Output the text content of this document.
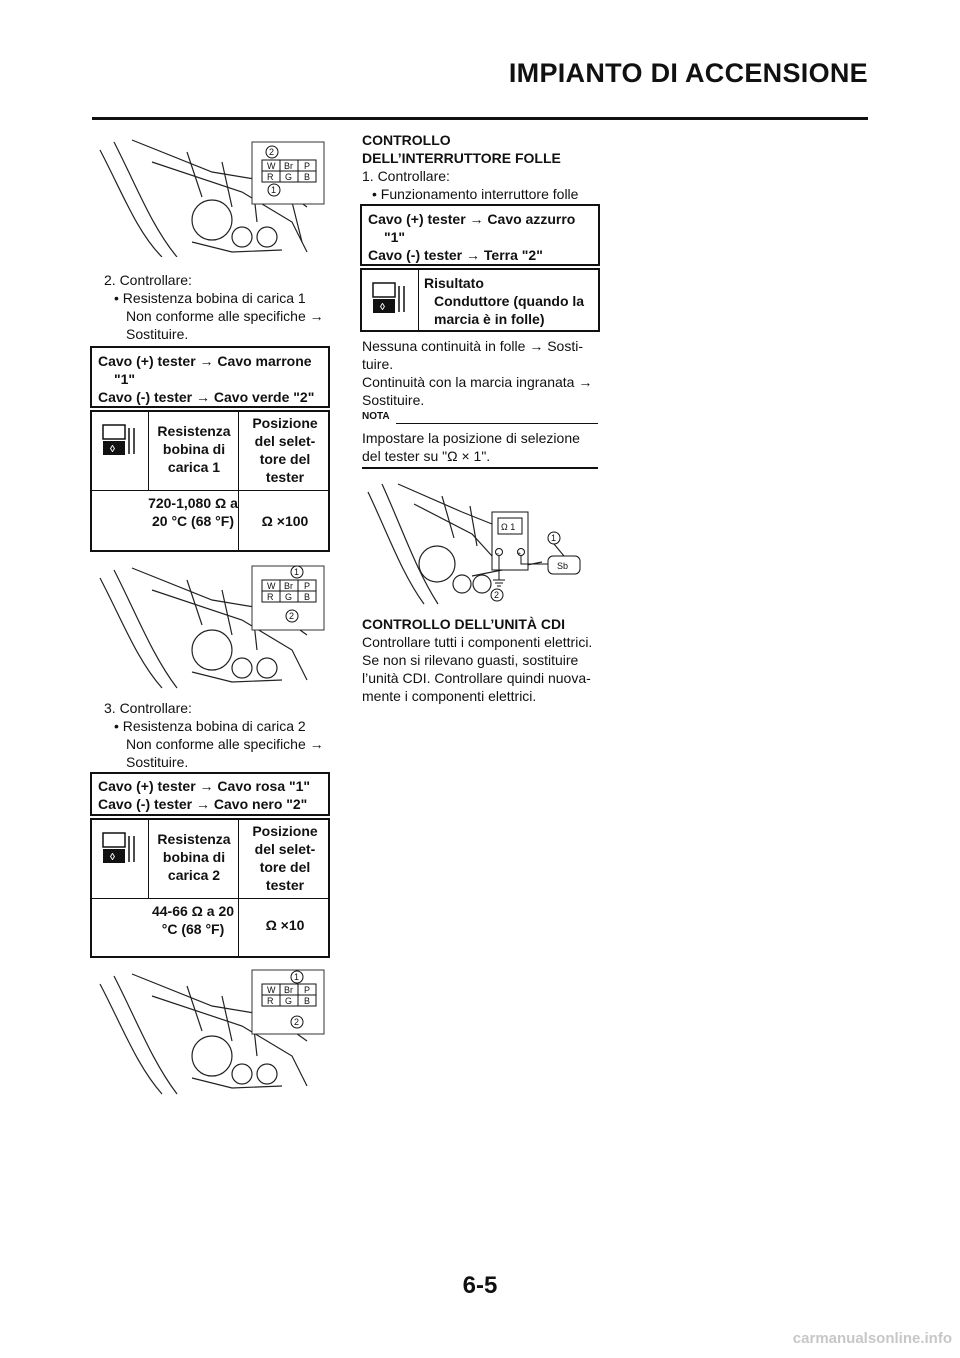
IMPIANTO DI ACCENSIONE
2
W Br P
R G B
1
2. Controllare:
• Resistenza bobina di carica 1
Non conforme alle specifiche →
Sostituire.
Cavo (+) tester → Cavo marrone
"1"
Cavo (-) tester → Cavo verde "2"
◊
Resistenza bobina di carica 1
Posizione del selet-tore del tester
720-1,080 Ω a 20 °C (68 °F)	Ω ×100
1
W Br P
R G B
2
3. Controllare:
• Resistenza bobina di carica 2
Non conforme alle specifiche →
Sostituire.
Cavo (+) tester → Cavo rosa "1"
Cavo (-) tester → Cavo nero "2"
◊
Resistenza bobina di carica 2
Posizione del selet-tore del tester
44-66 Ω a 20 °C (68 °F)	Ω ×10
1
W Br P
R G B
2
CONTROLLO
DELL’INTERRUTTORE FOLLE
1. Controllare:
• Funzionamento interruttore folle
Cavo (+) tester → Cavo azzurro
"1"
Cavo (-) tester → Terra "2"
◊
Risultato
Conduttore (quando la
marcia è in folle)
Nessuna continuità in folle → Sosti-
tuire.
Continuità con la marcia ingranata →
Sostituire.
NOTA
Impostare la posizione di selezione
del tester su "Ω × 1".
Ω 1
−	+
Sb
1
2
CONTROLLO DELL’UNITÀ CDI
Controllare tutti i componenti elettrici.
Se non si rilevano guasti, sostituire
l’unità CDI. Controllare quindi nuova-
mente i componenti elettrici.
6-5
carmanualsonline.info
